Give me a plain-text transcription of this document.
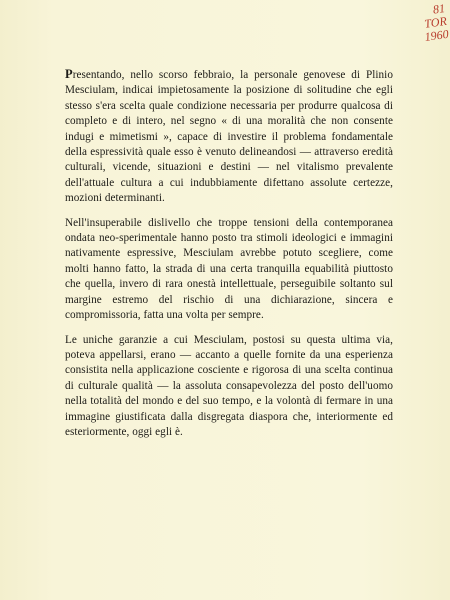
81
TOR
1960

Presentando, nello scorso febbraio, la personale genovese di Plinio Mesciulam, indicai impietosamente la posizione di solitudine che egli stesso s'era scelta quale condizione necessaria per produrre qualcosa di completo e di intero, nel segno « di una moralità che non consente indugi e mimetismi », capace di investire il problema fondamentale della espressività quale esso è venuto delineandosi — attraverso eredità culturali, vicende, situazioni e destini — nel vitalismo prevalente dell'attuale cultura a cui indubbiamente difettano assolute certezze, mozioni determinanti.

Nell'insuperabile dislivello che troppe tensioni della contemporanea ondata neo-sperimentale hanno posto tra stimoli ideologici e immagini nativamente espressive, Mesciulam avrebbe potuto scegliere, come molti hanno fatto, la strada di una certa tranquilla equabilità piuttosto che quella, invero di rara onestà intellettuale, perseguibile soltanto sul margine estremo del rischio di una dichiarazione, sincera e compromissoria, fatta una volta per sempre.

Le uniche garanzie a cui Mesciulam, postosi su questa ultima via, poteva appellarsi, erano — accanto a quelle fornite da una esperienza consistita nella applicazione cosciente e rigorosa di una scelta continua di culturale qualità — la assoluta consapevolezza del posto dell'uomo nella totalità del mondo e del suo tempo, e la volontà di fermare in una immagine giustificata dalla disgregata diaspora che, interiormente ed esteriormente, oggi egli è.
